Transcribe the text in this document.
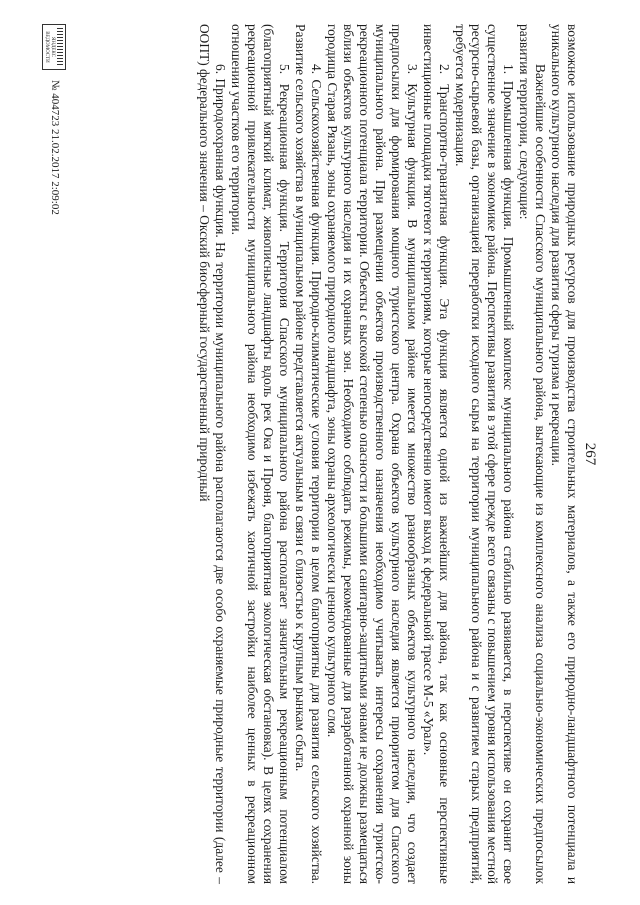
267

возможное использование природных ресурсов для производства строительных материалов, а также его природно-ландшафтного потенциала и уникального культурного наследия для развития сферы туризма и рекреации.

Важнейшие особенности Спасского муниципального района, вытекающие из комплексного анализа социально-экономических предпосылок развития территории, следующие:

1. Промышленная функция. Промышленный комплекс муниципального района стабильно развивается, в перспективе он сохранит свое существенное значение в экономике района. Перспективы развития в этой сфере прежде всего связаны с повышением уровня использования местной ресурсно-сырьевой базы, организацией переработки исходного сырья на территории муниципального района и с развитием старых предприятий, требуется модернизация.

2. Транспортно-транзитная функция. Эта функция является одной из важнейших для района, так как основные перспективные инвестиционные площадки тяготеют к территориям, которые непосредственно имеют выход к федеральной трассе М-5 «Урал».

3. Культурная функция. В муниципальном районе имеется множество разнообразных объектов культурного наследия, что создает предпосылки для формирования мощного туристского центра. Охрана объектов культурного наследия является приоритетом для Спасского муниципального района. При размещении объектов производственного назначения необходимо учитывать интересы сохранения туристско-рекреационного потенциала территории. Объекты с высокой степенью опасности и большими санитарно-защитными зонами не должны размещаться вблизи объектов культурного наследия и их охранных зон. Необходимо соблюдать режимы, рекомендованные для разработанной охранной зоны городища Старая Рязань, зоны охраняемого природного ландшафта, зоны охраны археологически ценного культурного слоя.

4. Сельскохозяйственная функция. Природно-климатические условия территории в целом благоприятны для развития сельского хозяйства. Развитие сельского хозяйства в муниципальном районе представляется актуальным в связи с близостью к крупным рынкам сбыта.

5. Рекреационная функция. Территория Спасского муниципального района располагает значительным рекреационным потенциалом (благоприятный мягкий климат, живописные ландшафты вдоль рек Ока и Проня, благоприятная экологическая обстановка). В целях сохранения рекреационной привлекательности муниципального района необходимо избежать хаотичной застройки наиболее ценных в рекреационном отношении участков его территории.

6. Природоохранная функция. На территории муниципального района располагаются две особо охраняемые природные территории (далее – ООПТ) федерального значения – Окский биосферный государственный природный

ЯНДЕКС ВЕДОМОСТИ
№ 404723 21.02.2017 2:09:02
